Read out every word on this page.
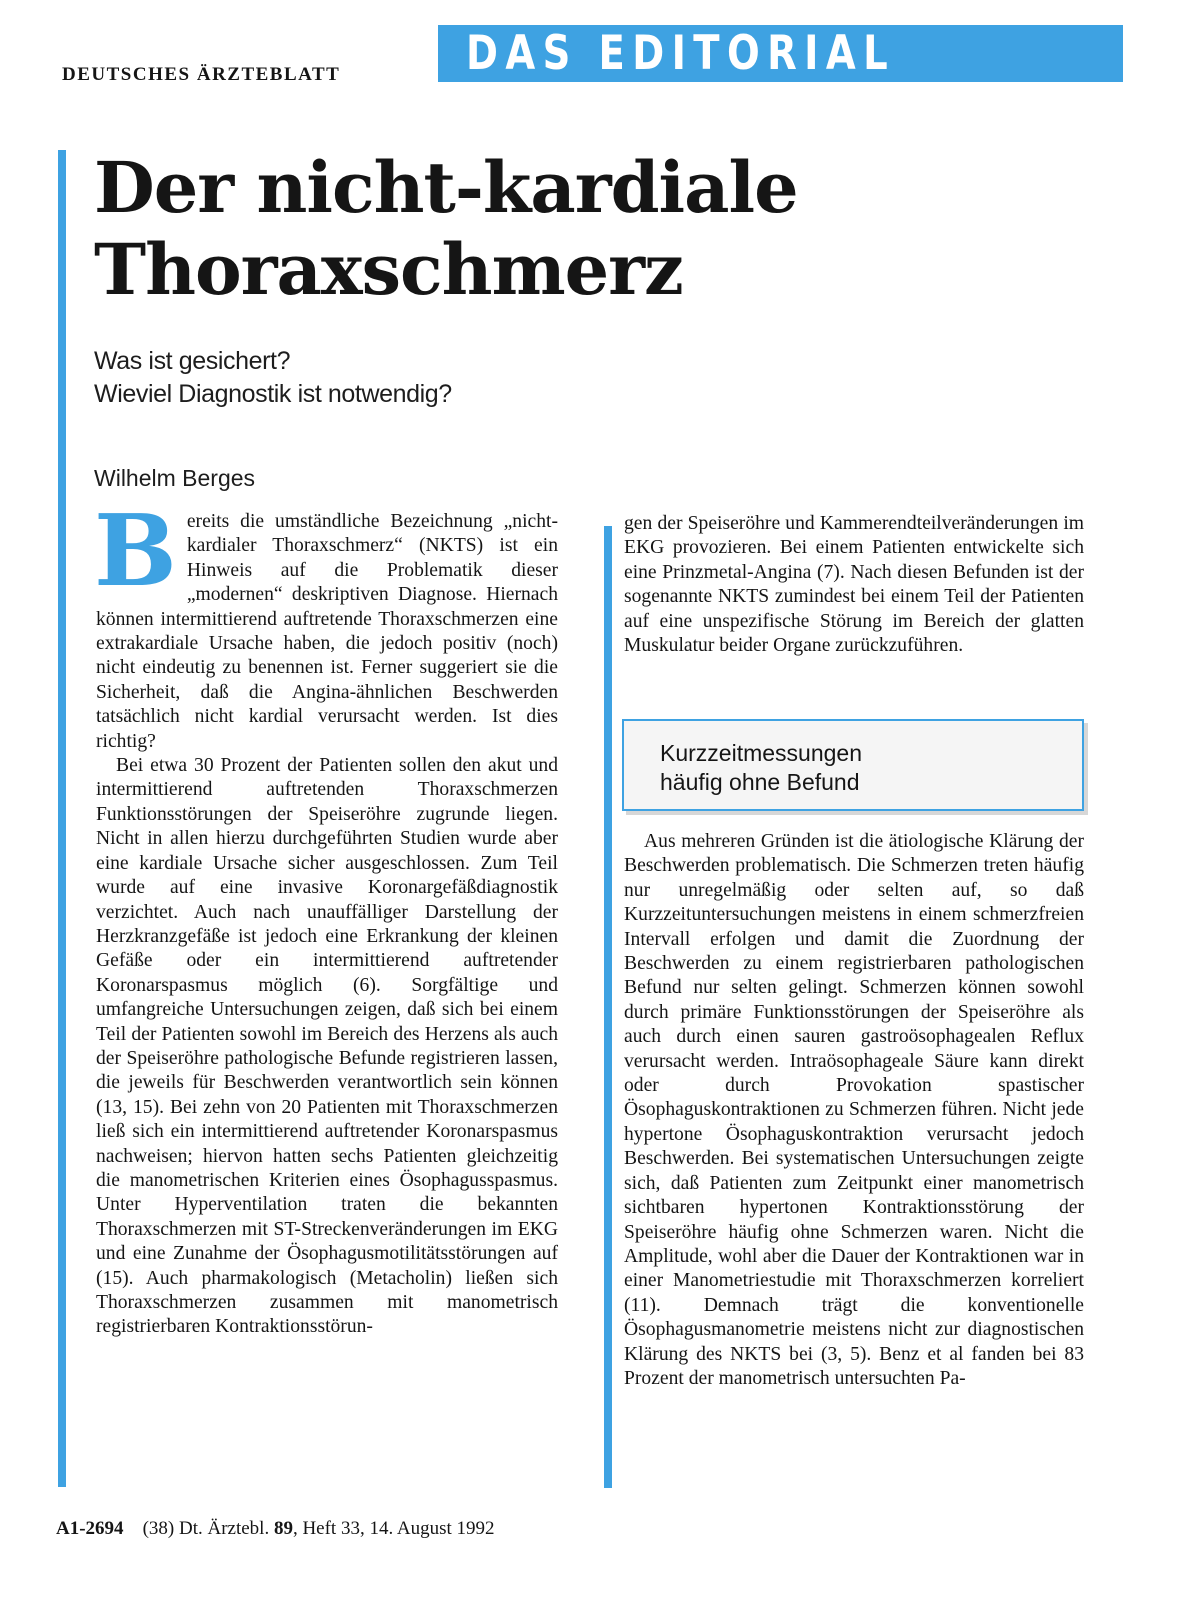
DEUTSCHES ÄRZTEBLATT	DAS EDITORIAL
Der nicht-kardiale
Thoraxschmerz
Was ist gesichert?
Wieviel Diagnostik ist notwendig?
Wilhelm Berges

Bereits die umständliche Bezeichnung „nicht-kardialer Thoraxschmerz“ (NKTS) ist ein Hinweis auf die Problematik dieser „modernen“ deskriptiven Diagnose. Hiernach können intermittierend auftretende Thoraxschmerzen eine extrakardiale Ursache haben, die jedoch positiv (noch) nicht eindeutig zu benennen ist. Ferner suggeriert sie die Sicherheit, daß die Angina-ähnlichen Beschwerden tatsächlich nicht kardial verursacht werden. Ist dies richtig?

Bei etwa 30 Prozent der Patienten sollen den akut und intermittierend auftretenden Thoraxschmerzen Funktionsstörungen der Speiseröhre zugrunde liegen. Nicht in allen hierzu durchgeführten Studien wurde aber eine kardiale Ursache sicher ausgeschlossen. Zum Teil wurde auf eine invasive Koronargefäßdiagnostik verzichtet. Auch nach unauffälliger Darstellung der Herzkranzgefäße ist jedoch eine Erkrankung der kleinen Gefäße oder ein intermittierend auftretender Koronarspasmus möglich (6). Sorgfältige und umfangreiche Untersuchungen zeigen, daß sich bei einem Teil der Patienten sowohl im Bereich des Herzens als auch der Speiseröhre pathologische Befunde registrieren lassen, die jeweils für Beschwerden verantwortlich sein können (13, 15). Bei zehn von 20 Patienten mit Thoraxschmerzen ließ sich ein intermittierend auftretender Koronarspasmus nachweisen; hiervon hatten sechs Patienten gleichzeitig die manometrischen Kriterien eines Ösophagusspasmus. Unter Hyperventilation traten die bekannten Thoraxschmerzen mit ST-Streckenveränderungen im EKG und eine Zunahme der Ösophagusmotilitätsstörungen auf (15). Auch pharmakologisch (Metacholin) ließen sich Thoraxschmerzen zusammen mit manometrisch registrierbaren Kontraktionsstörun-

gen der Speiseröhre und Kammerendteilveränderungen im EKG provozieren. Bei einem Patienten entwickelte sich eine Prinzmetal-Angina (7). Nach diesen Befunden ist der sogenannte NKTS zumindest bei einem Teil der Patienten auf eine unspezifische Störung im Bereich der glatten Muskulatur beider Organe zurückzuführen.

Kurzzeitmessungen
häufig ohne Befund

Aus mehreren Gründen ist die ätiologische Klärung der Beschwerden problematisch. Die Schmerzen treten häufig nur unregelmäßig oder selten auf, so daß Kurzzeituntersuchungen meistens in einem schmerzfreien Intervall erfolgen und damit die Zuordnung der Beschwerden zu einem registrierbaren pathologischen Befund nur selten gelingt. Schmerzen können sowohl durch primäre Funktionsstörungen der Speiseröhre als auch durch einen sauren gastroösophagealen Reflux verursacht werden. Intraösophageale Säure kann direkt oder durch Provokation spastischer Ösophaguskontraktionen zu Schmerzen führen. Nicht jede hypertone Ösophaguskontraktion verursacht jedoch Beschwerden. Bei systematischen Untersuchungen zeigte sich, daß Patienten zum Zeitpunkt einer manometrisch sichtbaren hypertonen Kontraktionsstörung der Speiseröhre häufig ohne Schmerzen waren. Nicht die Amplitude, wohl aber die Dauer der Kontraktionen war in einer Manometriestudie mit Thoraxschmerzen korreliert (11). Demnach trägt die konventionelle Ösophagusmanometrie meistens nicht zur diagnostischen Klärung des NKTS bei (3, 5). Benz et al fanden bei 83 Prozent der manometrisch untersuchten Pa-

A1-2694 (38) Dt. Ärztebl. 89, Heft 33, 14. August 1992
